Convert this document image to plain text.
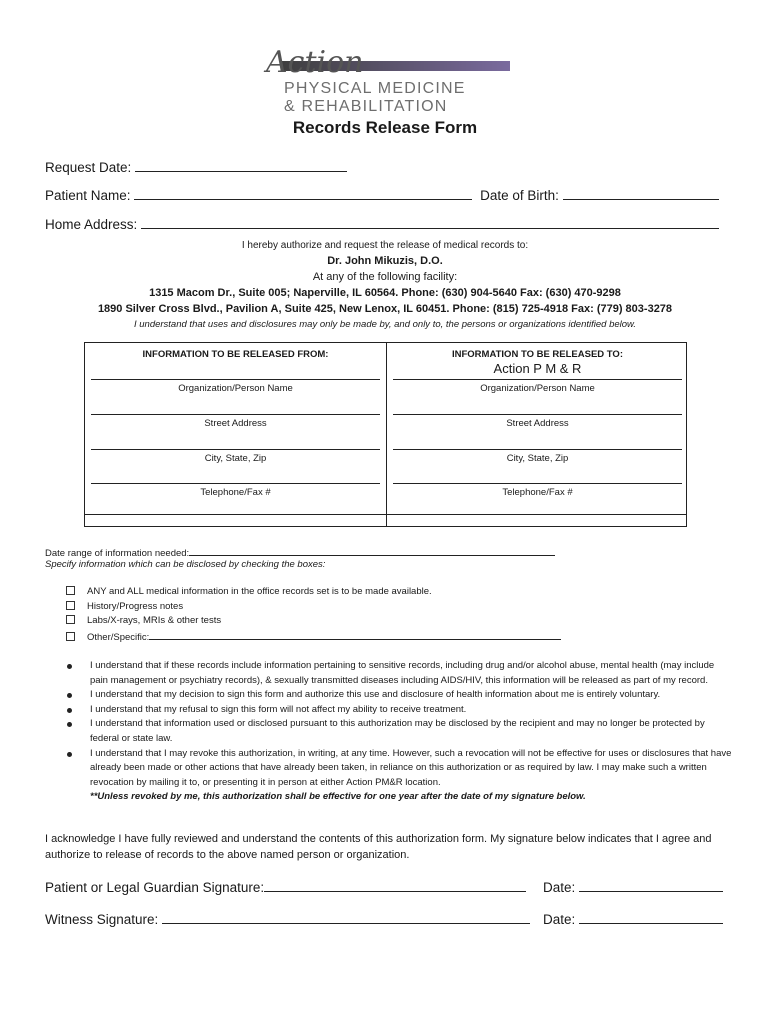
Action
PHYSICAL MEDICINE
& REHABILITATION
Records Release Form
Request Date:
Patient Name:	Date of Birth:
Home Address:
I hereby authorize and request the release of medical records to:
Dr. John Mikuzis, D.O.
At any of the following facility:
1315 Macom Dr., Suite 005; Naperville, IL 60564. Phone: (630) 904-5640 Fax: (630) 470-9298
1890 Silver Cross Blvd., Pavilion A, Suite 425, New Lenox, IL 60451. Phone: (815) 725-4918 Fax: (779) 803-3278
I understand that uses and disclosures may only be made by, and only to, the persons or organizations identified below.
INFORMATION TO BE RELEASED FROM:
Organization/Person Name
Street Address
City, State, Zip
Telephone/Fax #
INFORMATION TO BE RELEASED TO:
Action P M & R
Organization/Person Name
Street Address
City, State, Zip
Telephone/Fax #
Date range of information needed:
Specify information which can be disclosed by checking the boxes:
ANY and ALL medical information in the office records set is to be made available.
History/Progress notes
Labs/X-rays, MRIs & other tests
Other/Specific:
I understand that if these records include information pertaining to sensitive records, including drug and/or alcohol abuse, mental health (may include pain management or psychiatry records), & sexually transmitted diseases including AIDS/HIV, this information will be released as part of my record.
I understand that my decision to sign this form and authorize this use and disclosure of health information about me is entirely voluntary.
I understand that my refusal to sign this form will not affect my ability to receive treatment.
I understand that information used or disclosed pursuant to this authorization may be disclosed by the recipient and may no longer be protected by federal or state law.
I understand that I may revoke this authorization, in writing, at any time. However, such a revocation will not be effective for uses or disclosures that have already been made or other actions that have already been taken, in reliance on this authorization or as required by law. I may make such a written revocation by mailing it to, or presenting it in person at either Action PM&R location.
**Unless revoked by me, this authorization shall be effective for one year after the date of my signature below.
I acknowledge I have fully reviewed and understand the contents of this authorization form. My signature below indicates that I agree and authorize to release of records to the above named person or organization.
Patient or Legal Guardian Signature:	Date:
Witness Signature:	Date:
